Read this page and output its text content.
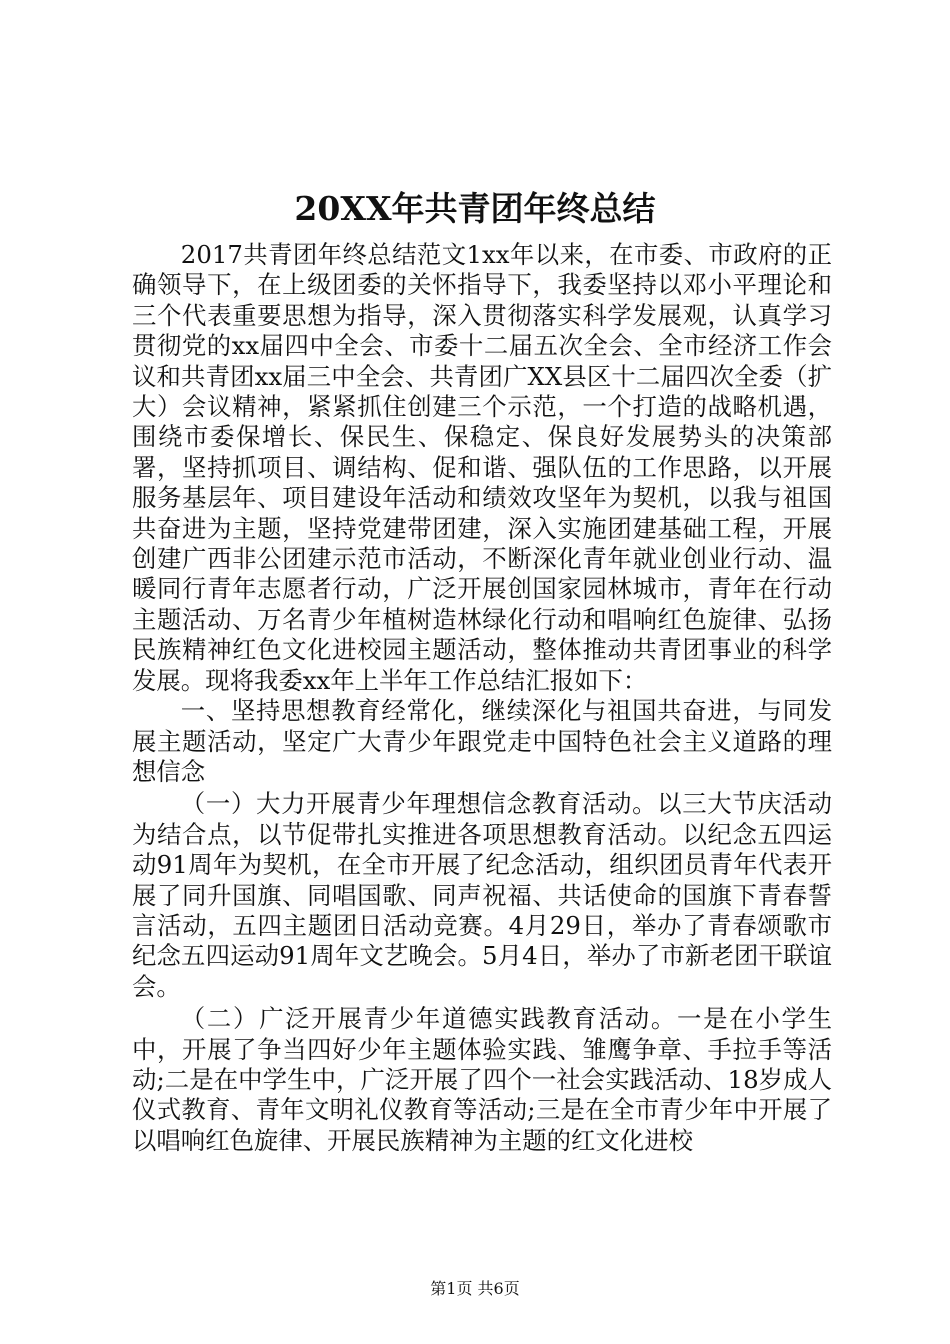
20XX年共青团年终总结

2017共青团年终总结范文1xx年以来，在市委、市政府的正确领导下，在上级团委的关怀指导下，我委坚持以邓小平理论和三个代表重要思想为指导，深入贯彻落实科学发展观，认真学习贯彻党的xx届四中全会、市委十二届五次全会、全市经济工作会议和共青团xx届三中全会、共青团广XX县区十二届四次全委（扩大）会议精神，紧紧抓住创建三个示范，一个打造的战略机遇，围绕市委保增长、保民生、保稳定、保良好发展势头的决策部署，坚持抓项目、调结构、促和谐、强队伍的工作思路，以开展服务基层年、项目建设年活动和绩效攻坚年为契机，以我与祖国共奋进为主题，坚持党建带团建，深入实施团建基础工程，开展创建广西非公团建示范市活动，不断深化青年就业创业行动、温暖同行青年志愿者行动，广泛开展创国家园林城市，青年在行动主题活动、万名青少年植树造林绿化行动和唱响红色旋律、弘扬民族精神红色文化进校园主题活动，整体推动共青团事业的科学发展。现将我委xx年上半年工作总结汇报如下：

一、坚持思想教育经常化，继续深化与祖国共奋进，与同发展主题活动，坚定广大青少年跟党走中国特色社会主义道路的理想信念

（一）大力开展青少年理想信念教育活动。以三大节庆活动为结合点，以节促带扎实推进各项思想教育活动。以纪念五四运动91周年为契机，在全市开展了纪念活动，组织团员青年代表开展了同升国旗、同唱国歌、同声祝福、共话使命的国旗下青春誓言活动，五四主题团日活动竞赛。4月29日，举办了青春颂歌市纪念五四运动91周年文艺晚会。5月4日，举办了市新老团干联谊会。

（二）广泛开展青少年道德实践教育活动。一是在小学生中，开展了争当四好少年主题体验实践、雏鹰争章、手拉手等活动;二是在中学生中，广泛开展了四个一社会实践活动、18岁成人仪式教育、青年文明礼仪教育等活动;三是在全市青少年中开展了以唱响红色旋律、开展民族精神为主题的红文化进校

第1页 共6页
